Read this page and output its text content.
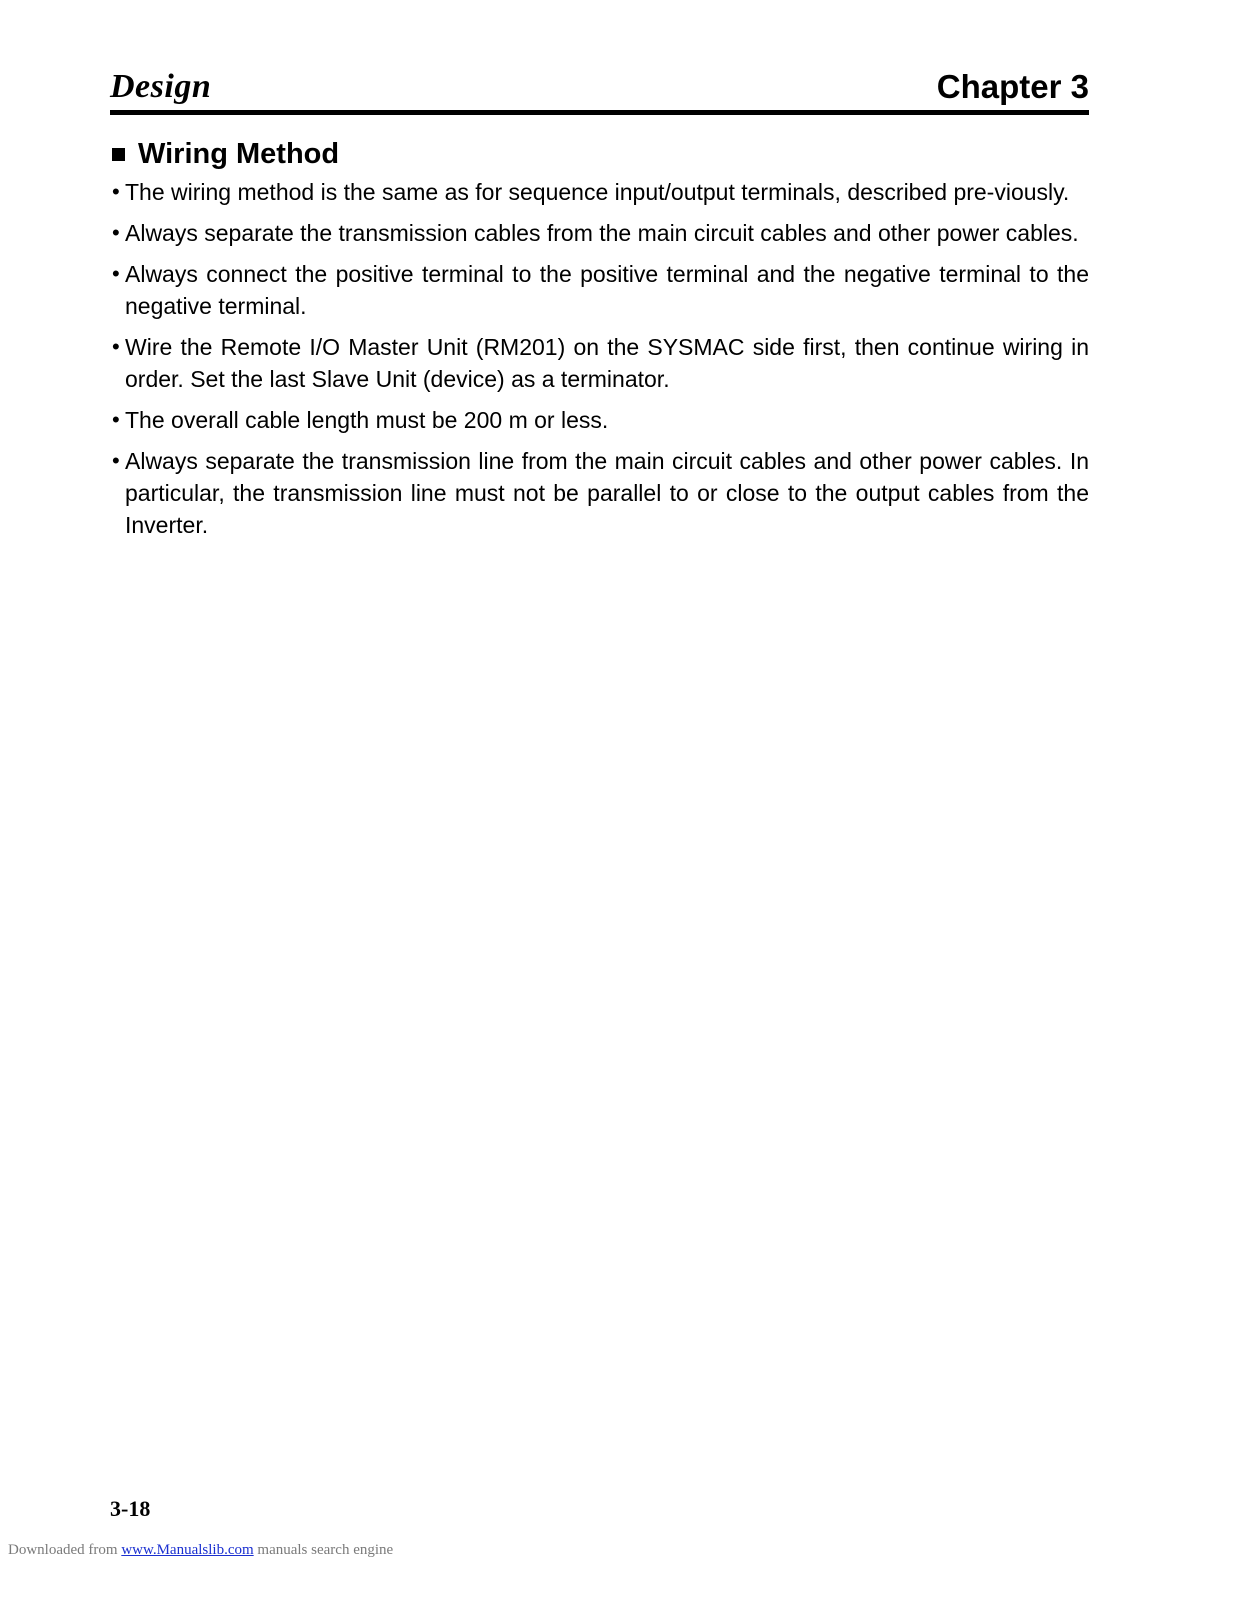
Design	Chapter 3
Wiring Method
• The wiring method is the same as for sequence input/output terminals, described pre-viously.
• Always separate the transmission cables from the main circuit cables and other power cables.
• Always connect the positive terminal to the positive terminal and the negative terminal to the negative terminal.
• Wire the Remote I/O Master Unit (RM201) on the SYSMAC side first, then continue wiring in order. Set the last Slave Unit (device) as a terminator.
• The overall cable length must be 200 m or less.
• Always separate the transmission line from the main circuit cables and other power cables. In particular, the transmission line must not be parallel to or close to the output cables from the Inverter.
3-18
Downloaded from www.Manualslib.com manuals search engine
